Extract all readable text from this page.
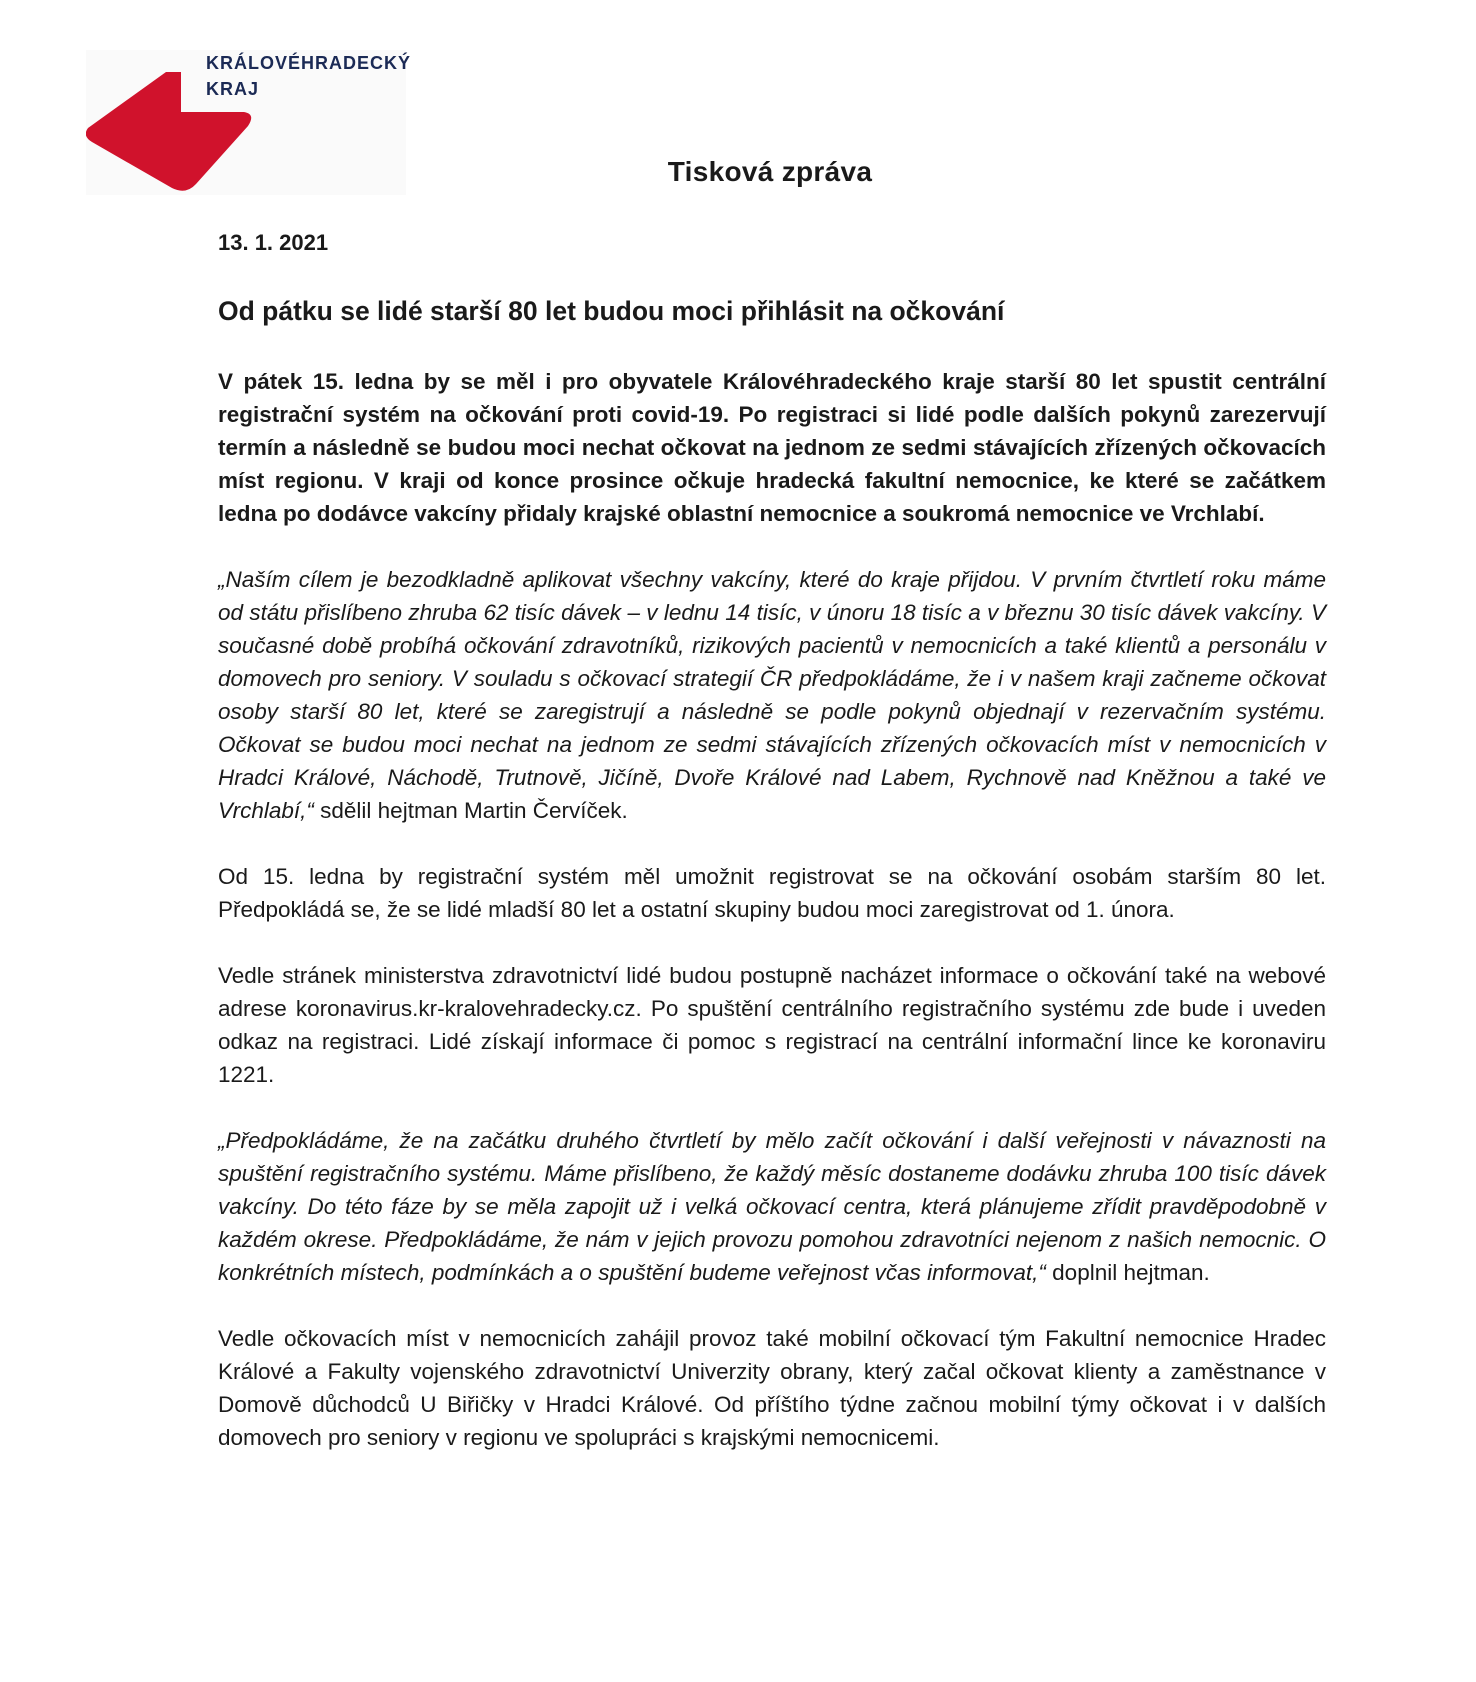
KRÁLOVÉHRADECKÝ
KRAJ
Tisková zpráva
13. 1. 2021
Od pátku se lidé starší 80 let budou moci přihlásit na očkování

V pátek 15. ledna by se měl i pro obyvatele Královéhradeckého kraje starší 80 let spustit centrální registrační systém na očkování proti covid-19. Po registraci si lidé podle dalších pokynů zarezervují termín a následně se budou moci nechat očkovat na jednom ze sedmi stávajících zřízených očkovacích míst regionu. V kraji od konce prosince očkuje hradecká fakultní nemocnice, ke které se začátkem ledna po dodávce vakcíny přidaly krajské oblastní nemocnice a soukromá nemocnice ve Vrchlabí.

„Naším cílem je bezodkladně aplikovat všechny vakcíny, které do kraje přijdou. V prvním čtvrtletí roku máme od státu přislíbeno zhruba 62 tisíc dávek – v lednu 14 tisíc, v únoru 18 tisíc a v březnu 30 tisíc dávek vakcíny. V současné době probíhá očkování zdravotníků, rizikových pacientů v nemocnicích a také klientů a personálu v domovech pro seniory. V souladu s očkovací strategií ČR předpokládáme, že i v našem kraji začneme očkovat osoby starší 80 let, které se zaregistrují a následně se podle pokynů objednají v rezervačním systému. Očkovat se budou moci nechat na jednom ze sedmi stávajících zřízených očkovacích míst v nemocnicích v Hradci Králové, Náchodě, Trutnově, Jičíně, Dvoře Králové nad Labem, Rychnově nad Kněžnou a také ve Vrchlabí,“ sdělil hejtman Martin Červíček.

Od 15. ledna by registrační systém měl umožnit registrovat se na očkování osobám starším 80 let. Předpokládá se, že se lidé mladší 80 let a ostatní skupiny budou moci zaregistrovat od 1. února.

Vedle stránek ministerstva zdravotnictví lidé budou postupně nacházet informace o očkování také na webové adrese koronavirus.kr-kralovehradecky.cz. Po spuštění centrálního registračního systému zde bude i uveden odkaz na registraci. Lidé získají informace či pomoc s registrací na centrální informační lince ke koronaviru 1221.

„Předpokládáme, že na začátku druhého čtvrtletí by mělo začít očkování i další veřejnosti v návaznosti na spuštění registračního systému. Máme přislíbeno, že každý měsíc dostaneme dodávku zhruba 100 tisíc dávek vakcíny. Do této fáze by se měla zapojit už i velká očkovací centra, která plánujeme zřídit pravděpodobně v každém okrese. Předpokládáme, že nám v jejich provozu pomohou zdravotníci nejenom z našich nemocnic. O konkrétních místech, podmínkách a o spuštění budeme veřejnost včas informovat,“ doplnil hejtman.

Vedle očkovacích míst v nemocnicích zahájil provoz také mobilní očkovací tým Fakultní nemocnice Hradec Králové a Fakulty vojenského zdravotnictví Univerzity obrany, který začal očkovat klienty a zaměstnance v Domově důchodců U Biřičky v Hradci Králové. Od příštího týdne začnou mobilní týmy očkovat i v dalších domovech pro seniory v regionu ve spolupráci s krajskými nemocnicemi.
